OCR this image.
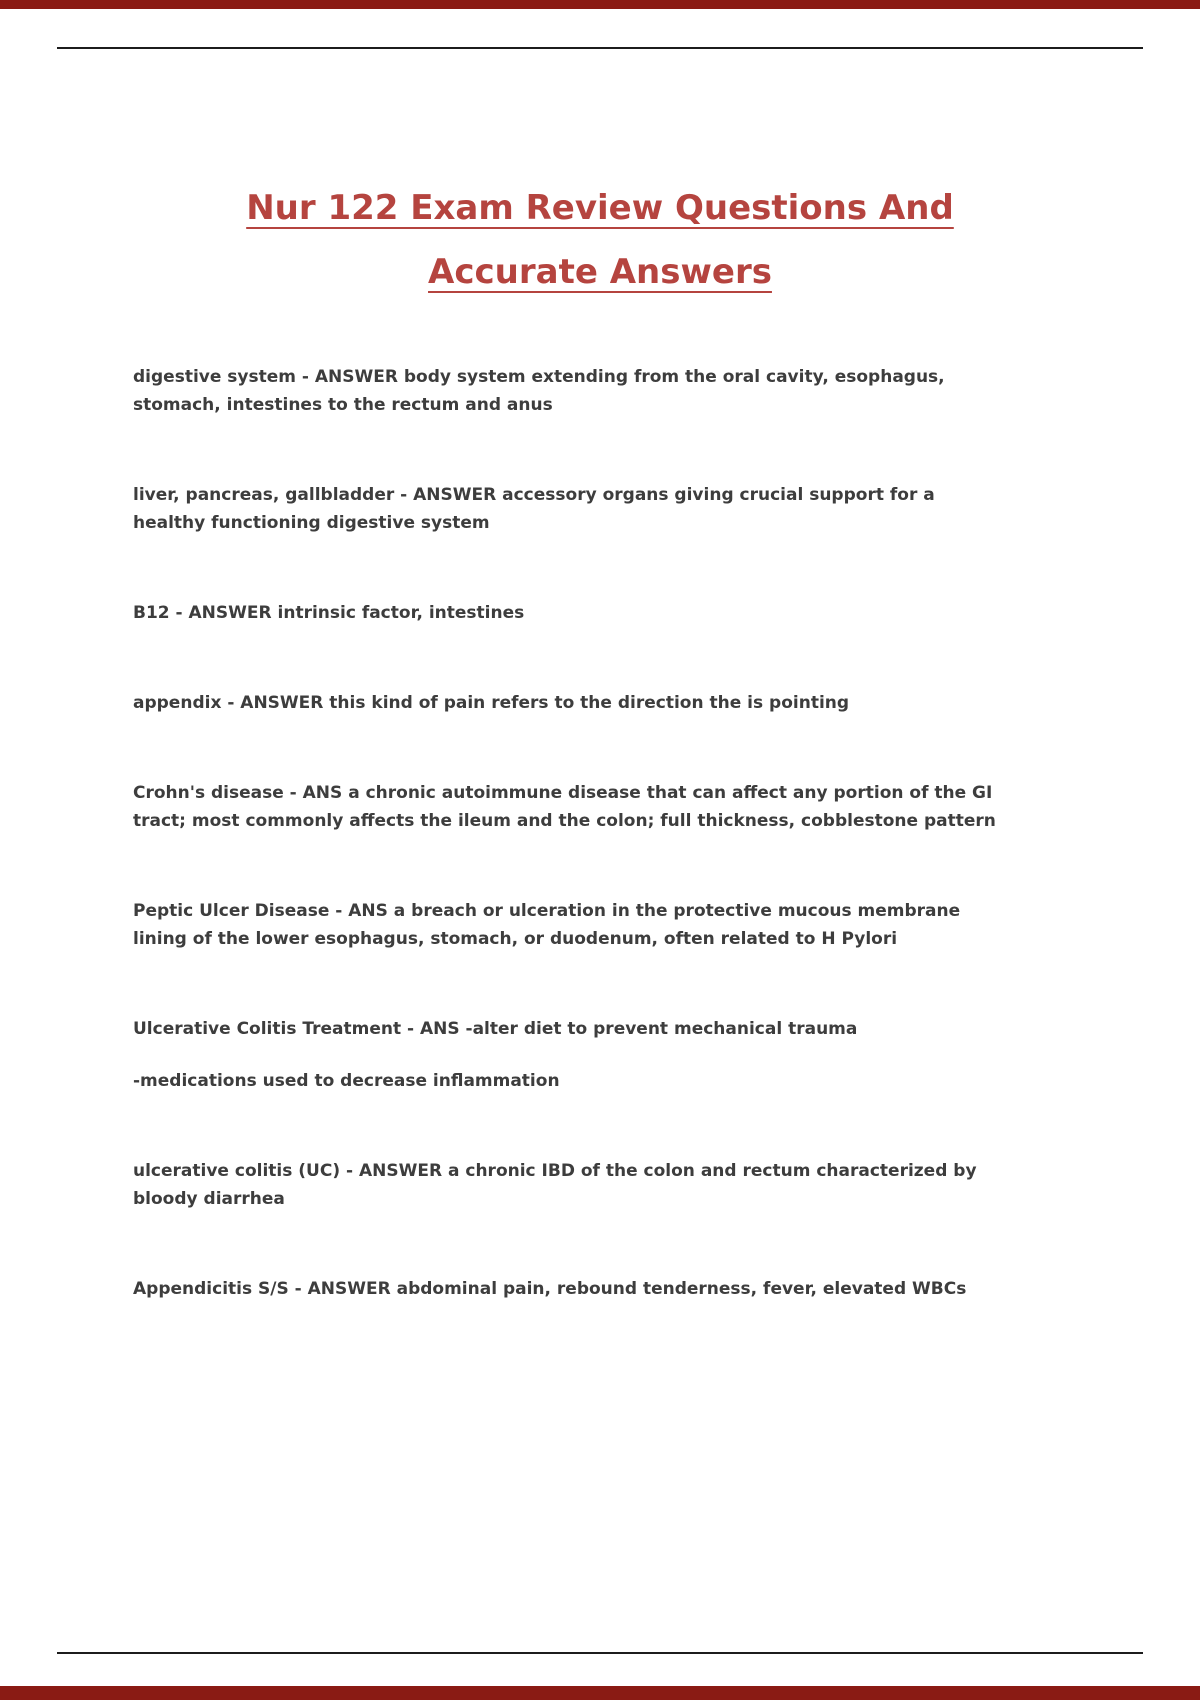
Nur 122 Exam Review Questions And
Accurate Answers

digestive system - ANSWER body system extending from the oral cavity, esophagus, stomach, intestines to the rectum and anus

liver, pancreas, gallbladder - ANSWER accessory organs giving crucial support for a healthy functioning digestive system

B12 - ANSWER intrinsic factor, intestines

appendix - ANSWER this kind of pain refers to the direction the is pointing

Crohn's disease - ANS a chronic autoimmune disease that can affect any portion of the GI tract; most commonly affects the ileum and the colon; full thickness, cobblestone pattern

Peptic Ulcer Disease - ANS a breach or ulceration in the protective mucous membrane lining of the lower esophagus, stomach, or duodenum, often related to H Pylori

Ulcerative Colitis Treatment - ANS -alter diet to prevent mechanical trauma

-medications used to decrease inflammation

ulcerative colitis (UC) - ANSWER a chronic IBD of the colon and rectum characterized by bloody diarrhea

Appendicitis S/S - ANSWER abdominal pain, rebound tenderness, fever, elevated WBCs
